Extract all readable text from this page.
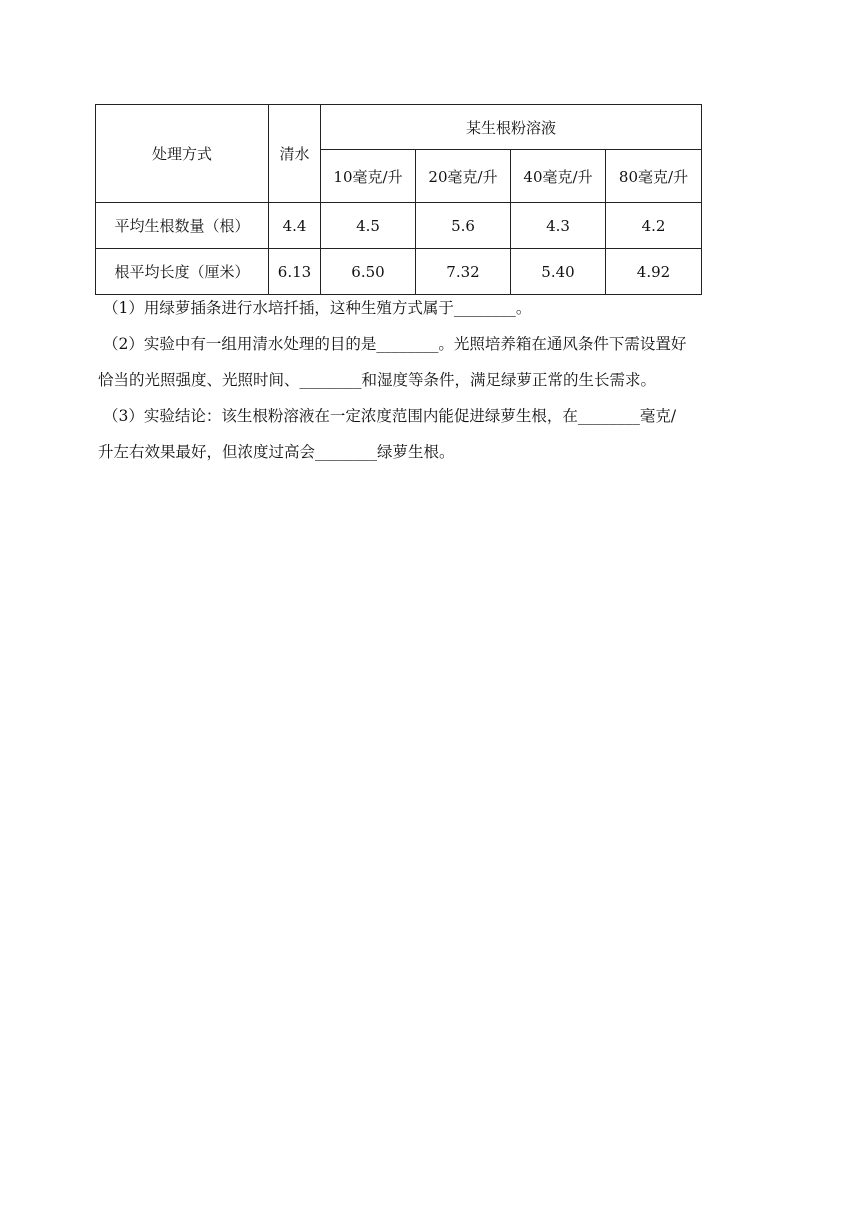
处理方式	清水	某生根粉溶液			
		10毫克/升	20毫克/升	40毫克/升	80毫克/升
平均生根数量（根）	4.4	4.5	5.6	4.3	4.2
根平均长度（厘米）	6.13	6.50	7.32	5.40	4.92
（1）用绿萝插条进行水培扦插，这种生殖方式属于________。
（2）实验中有一组用清水处理的目的是________。光照培养箱在通风条件下需设置好
恰当的光照强度、光照时间、________和湿度等条件，满足绿萝正常的生长需求。
（3）实验结论：该生根粉溶液在一定浓度范围内能促进绿萝生根，在________毫克/
升左右效果最好，但浓度过高会________绿萝生根。
